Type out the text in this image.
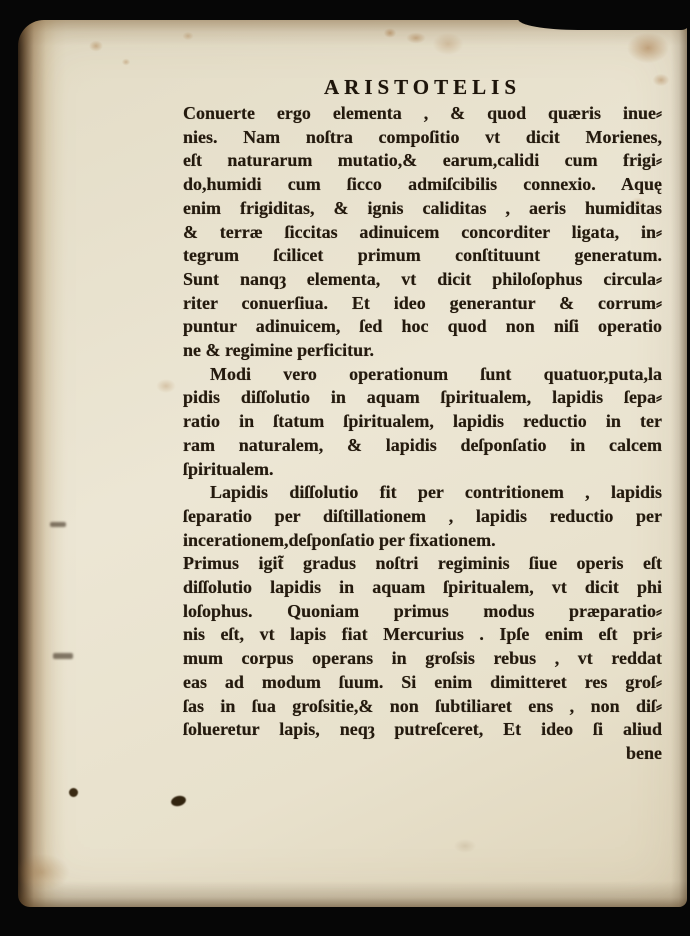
ARISTOTELIS
Conuerte ergo elementa , & quod quæris inue⸗
nies. Nam noſtra compoſitio vt dicit Morienes,
eſt naturarum mutatio,& earum,calidi cum frigi⸗
do,humidi cum ſicco admiſcibilis connexio. Aquę
enim frigiditas, & ignis caliditas , aeris humiditas
& terræ ſiccitas adinuicem concorditer ligata, in⸗
tegrum ſcilicet primum conſtituunt generatum.
Sunt nanqȝ elementa, vt dicit philoſophus circula⸗
riter conuerſiua. Et ideo generantur & corrum⸗
puntur adinuicem, ſed hoc quod non niſi operatio
ne & regimine perficitur.
Modi vero operationum ſunt quatuor,puta,la
pidis diſſolutio in aquam ſpiritualem, lapidis ſepa⸗
ratio in ſtatum ſpiritualem, lapidis reductio in ter
ram naturalem, & lapidis deſponſatio in calcem
ſpiritualem.
Lapidis diſſolutio fit per contritionem , lapidis
ſeparatio per diſtillationem , lapidis reductio per
incerationem,deſponſatio per fixationem.
Primus igit̃ gradus noſtri regiminis ſiue operis eſt
diſſolutio lapidis in aquam ſpiritualem, vt dicit phi
loſophus. Quoniam primus modus præparatio⸗
nis eſt, vt lapis fiat Mercurius . Ipſe enim eſt pri⸗
mum corpus operans in groſsis rebus , vt reddat
eas ad modum ſuum. Si enim dimitteret res groſ⸗
ſas in ſua groſsitie,& non ſubtiliaret ens , non diſ⸗
ſolueretur lapis, neqȝ putreſceret, Et ideo ſi aliud
bene
